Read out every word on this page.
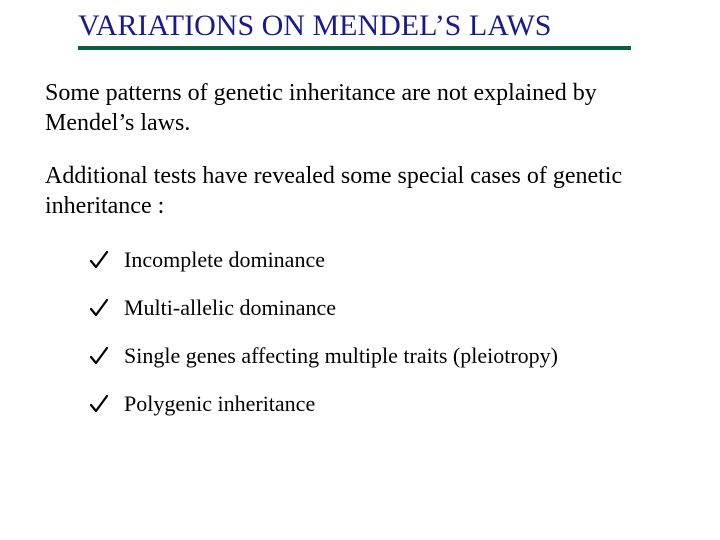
VARIATIONS ON MENDEL’S LAWS
Some patterns of genetic inheritance are not explained by Mendel’s laws.
Additional tests have revealed some special cases of genetic inheritance :
Incomplete dominance
Multi-allelic dominance
Single genes affecting multiple traits (pleiotropy)
Polygenic inheritance
